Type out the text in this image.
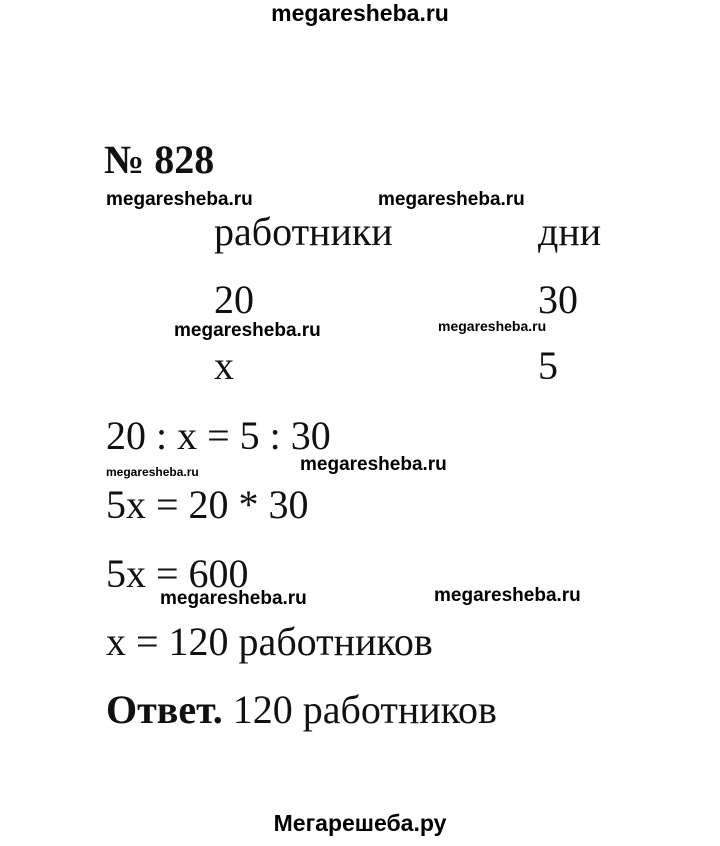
megaresheba.ru
Мегарешеба.ру
megaresheba.ru	megaresheba.ru
megaresheba.ru	megaresheba.ru
megaresheba.ru	megaresheba.ru
megaresheba.ru	megaresheba.ru
№ 828
работники	дни
20	30
x	5
20 : x = 5 : 30
5x = 20 * 30
5x = 600
x = 120 работников
Ответ. 120 работников
